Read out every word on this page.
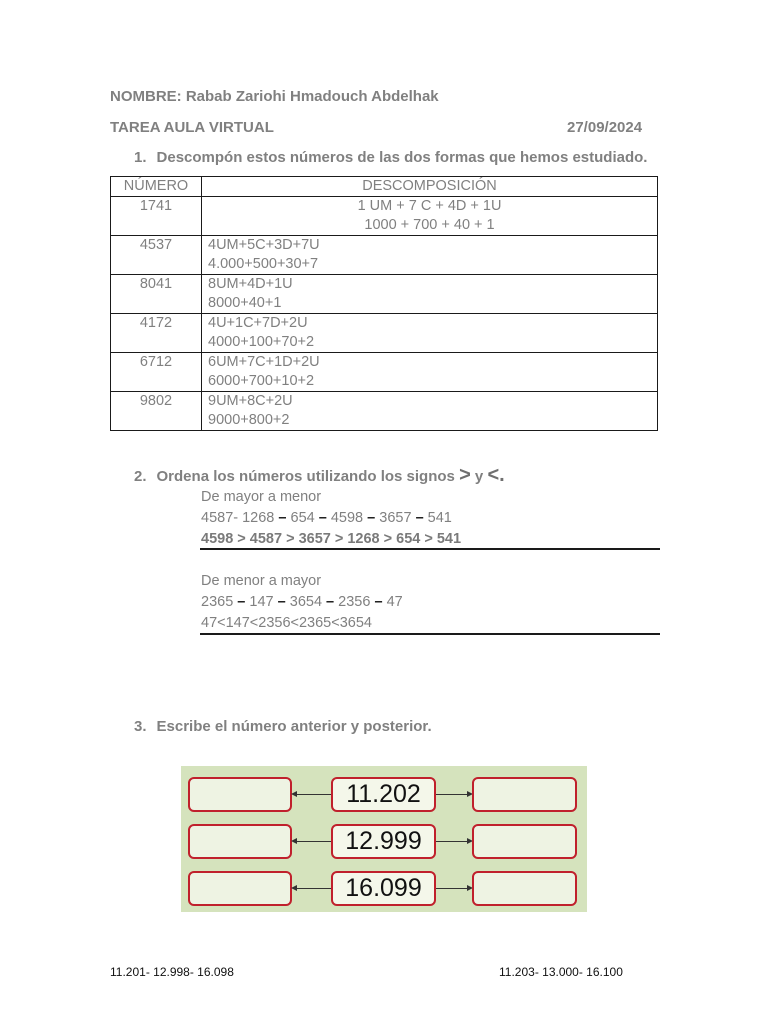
NOMBRE: Rabab Zariohi Hmadouch Abdelhak
TAREA AULA VIRTUAL	27/09/2024
1. Descompón estos números de las dos formas que hemos estudiado.
NÚMERO	DESCOMPOSICIÓN
1741	1 UM + 7 C + 4D + 1U
1000 + 700 + 40 + 1

4537	4UM+5C+3D+7U
4.000+500+30+7

8041	8UM+4D+1U
8000+40+1

4172	4U+1C+7D+2U
4000+100+70+2

6712	6UM+7C+1D+2U
6000+700+10+2

9802	9UM+8C+2U
9000+800+2
2. Ordena los números utilizando los signos > y <.
De mayor a menor
4587- 1268 – 654 – 4598 – 3657 – 541
4598 > 4587 > 3657 > 1268 > 654 > 541
De menor a mayor
2365 – 147 – 3654 – 2356 – 47
47<147<2356<2365<3654
3. Escribe el número anterior y posterior.
11.202
12.999
16.099
11.201- 12.998- 16.098	11.203- 13.000- 16.100
